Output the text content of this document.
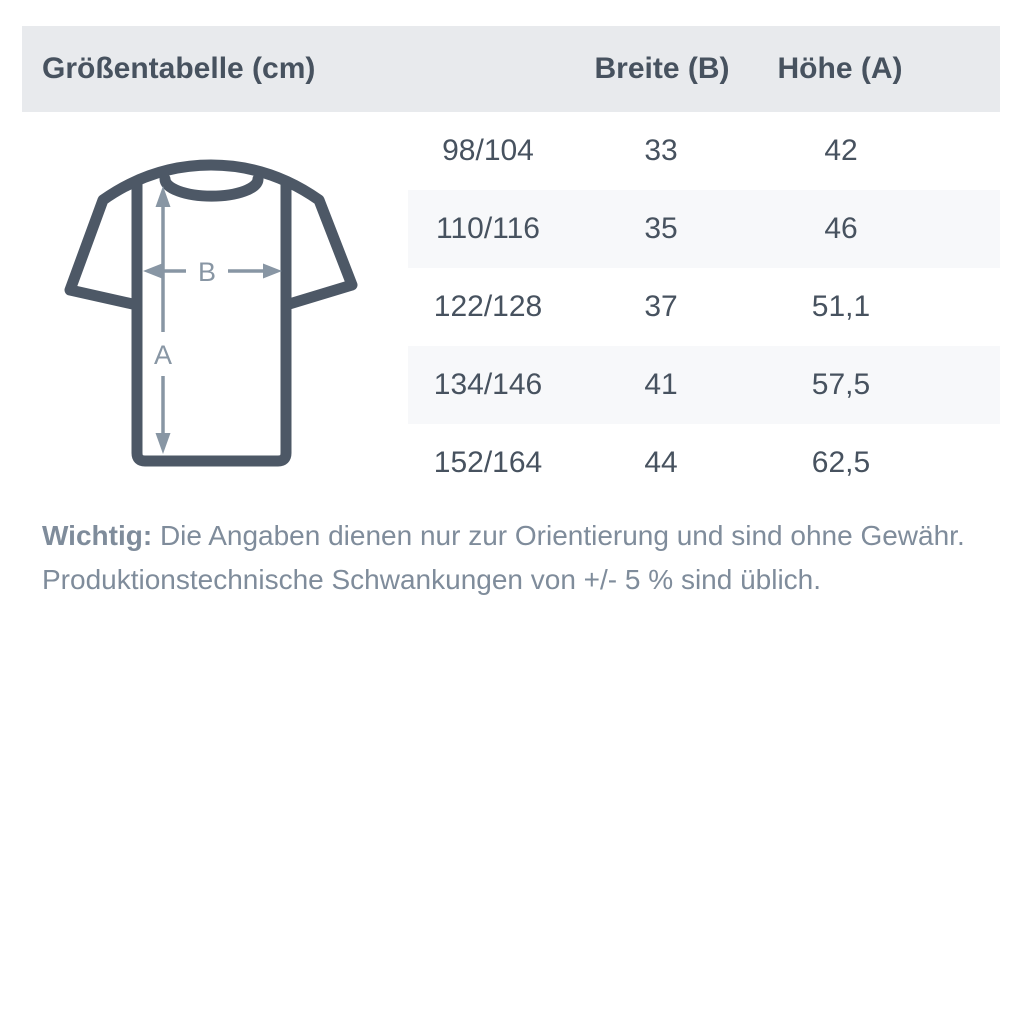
Größentabelle (cm)	Breite (B)	Höhe (A)
A
B
98/104	33	42
110/116	35	46
122/128	37	51,1
134/146	41	57,5
152/164	44	62,5
Wichtig: Die Angaben dienen nur zur Orientierung und sind ohne Gewähr.
Produktionstechnische Schwankungen von +/- 5 % sind üblich.
